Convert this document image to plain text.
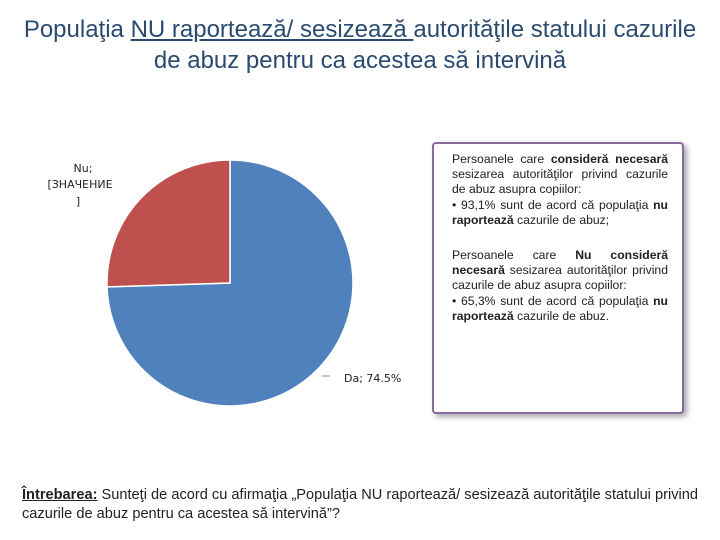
Populaţia NU raportează/ sesizează autorităţile statului cazurile de abuz pentru ca acestea să intervină
Da; 74.5%
Nu;
[ЗНАЧЕНИЕ
]

Persoanele care consideră necesară sesizarea autorităţilor privind cazurile de abuz asupra copiilor:
• 93,1% sunt de acord că populaţia nu raportează cazurile de abuz;

Persoanele care Nu consideră necesară sesizarea autorităţilor privind cazurile de abuz asupra copiilor:
• 65,3% sunt de acord că populaţia nu raportează cazurile de abuz.

Întrebarea: Sunteţi de acord cu afirmaţia „Populaţia NU raportează/ sesizează autorităţile statului privind cazurile de abuz pentru ca acestea să intervină”?
